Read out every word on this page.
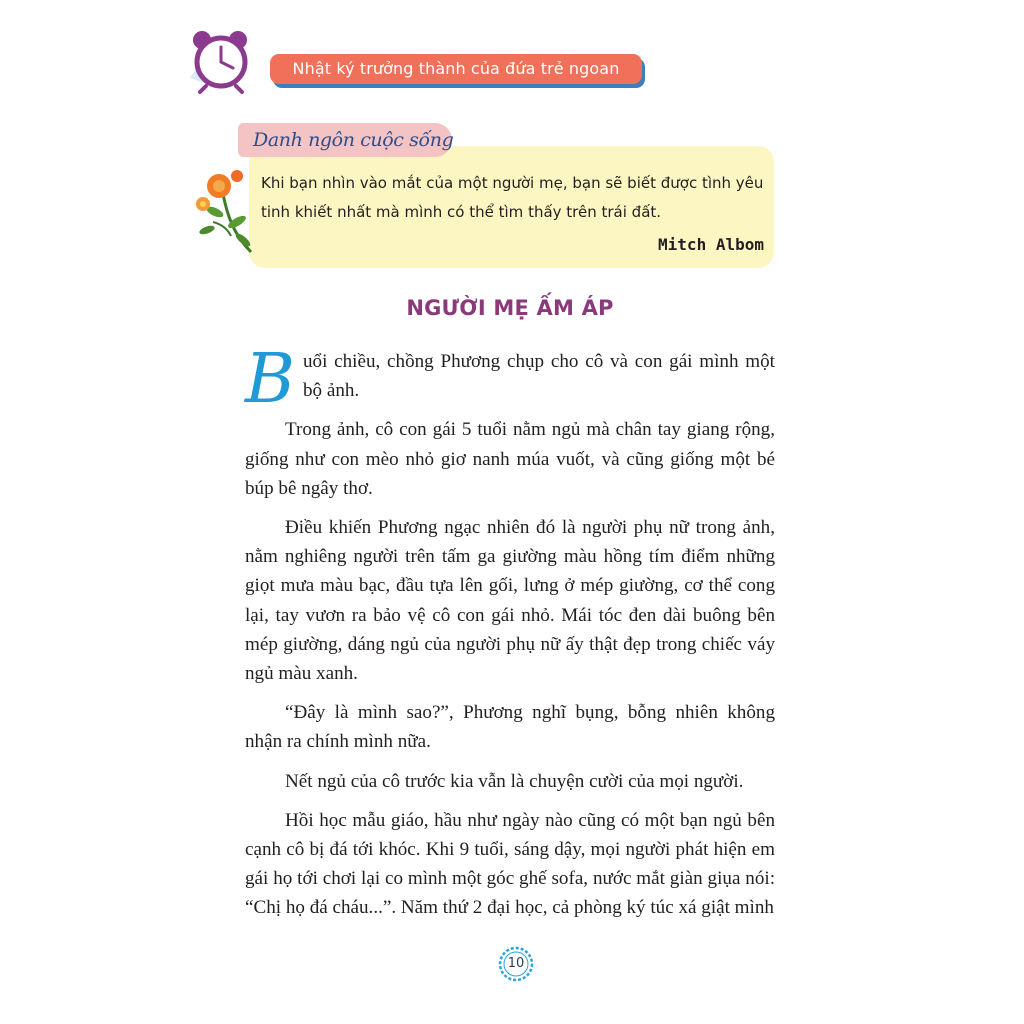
Nhật ký trưởng thành của đứa trẻ ngoan
Danh ngôn cuộc sống
Khi bạn nhìn vào mắt của một người mẹ, bạn sẽ biết được tình yêu tinh khiết nhất mà mình có thể tìm thấy trên trái đất.
Mitch Albom
NGƯỜI MẸ ẤM ÁP

Buổi chiều, chồng Phương chụp cho cô và con gái mình một bộ ảnh.

Trong ảnh, cô con gái 5 tuổi nằm ngủ mà chân tay giang rộng, giống như con mèo nhỏ giơ nanh múa vuốt, và cũng giống một bé búp bê ngây thơ.

Điều khiến Phương ngạc nhiên đó là người phụ nữ trong ảnh, nằm nghiêng người trên tấm ga giường màu hồng tím điểm những giọt mưa màu bạc, đầu tựa lên gối, lưng ở mép giường, cơ thể cong lại, tay vươn ra bảo vệ cô con gái nhỏ. Mái tóc đen dài buông bên mép giường, dáng ngủ của người phụ nữ ấy thật đẹp trong chiếc váy ngủ màu xanh.

“Đây là mình sao?”, Phương nghĩ bụng, bỗng nhiên không nhận ra chính mình nữa.

Nết ngủ của cô trước kia vẫn là chuyện cười của mọi người.

Hồi học mẫu giáo, hầu như ngày nào cũng có một bạn ngủ bên cạnh cô bị đá tới khóc. Khi 9 tuổi, sáng dậy, mọi người phát hiện em gái họ tới chơi lại co mình một góc ghế sofa, nước mắt giàn giụa nói: “Chị họ đá cháu...”. Năm thứ 2 đại học, cả phòng ký túc xá giật mình

10
